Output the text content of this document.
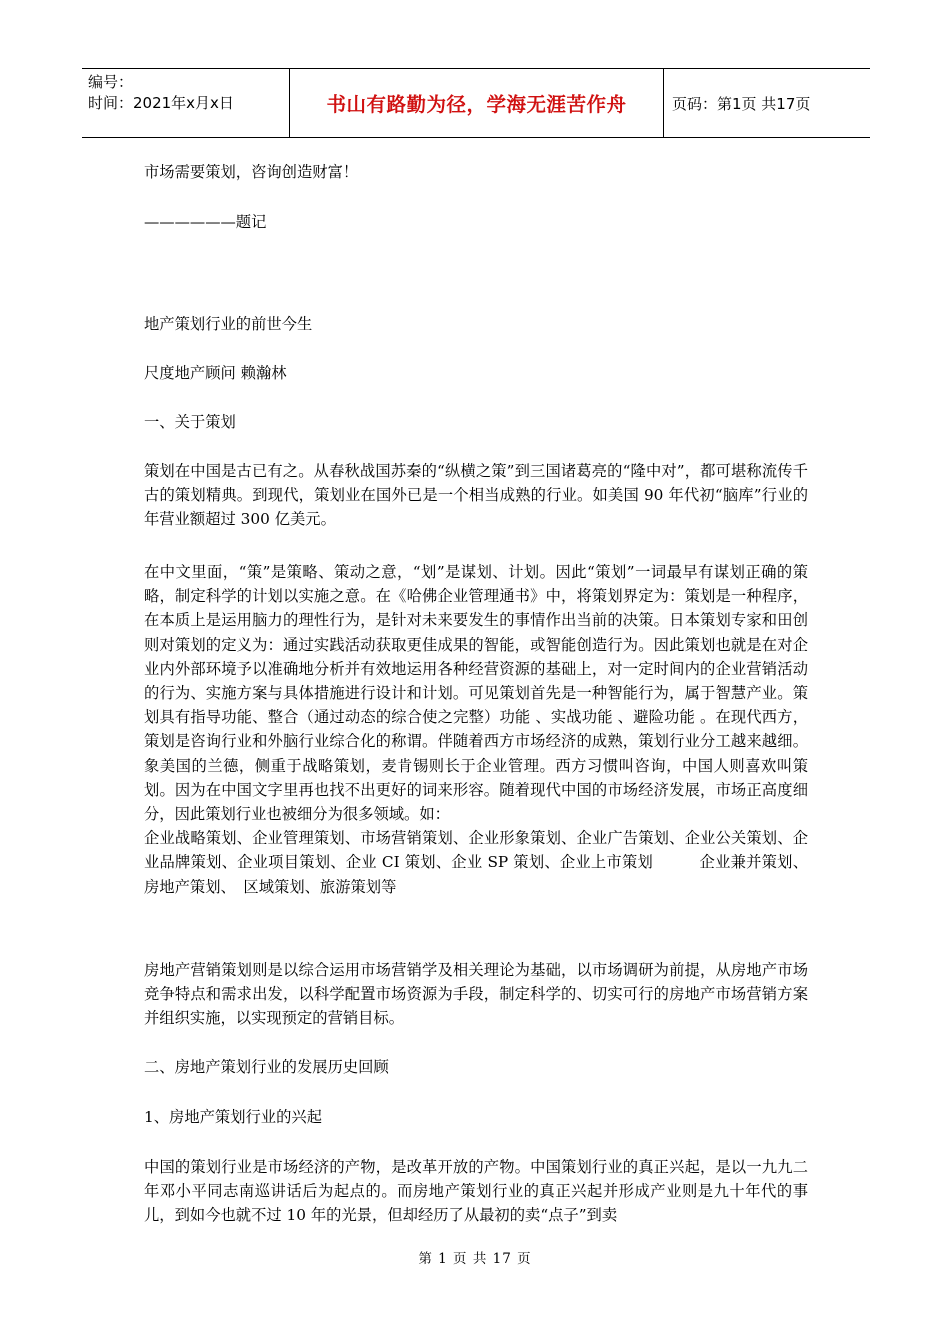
编号：
时间：2021年x月x日	书山有路勤为径，学海无涯苦作舟	页码：第1页 共17页
市场需要策划，咨询创造财富！
——————题记
地产策划行业的前世今生
尺度地产顾问 赖瀚林
一、关于策划
策划在中国是古已有之。从春秋战国苏秦的“纵横之策”到三国诸葛亮的“隆中对”，都可堪称流传千古的策划精典。到现代，策划业在国外已是一个相当成熟的行业。如美国 90 年代初“脑库”行业的年营业额超过 300 亿美元。
在中文里面，“策”是策略、策动之意，“划”是谋划、计划。因此“策划”一词最早有谋划正确的策略，制定科学的计划以实施之意。在《哈佛企业管理通书》中，将策划界定为：策划是一种程序，在本质上是运用脑力的理性行为，是针对未来要发生的事情作出当前的决策。日本策划专家和田创则对策划的定义为：通过实践活动获取更佳成果的智能，或智能创造行为。因此策划也就是在对企业内外部环境予以准确地分析并有效地运用各种经营资源的基础上，对一定时间内的企业营销活动的行为、实施方案与具体措施进行设计和计划。可见策划首先是一种智能行为，属于智慧产业。策划具有指导功能、整合（通过动态的综合使之完整）功能 、实战功能 、避险功能 。在现代西方，策划是咨询行业和外脑行业综合化的称谓。伴随着西方市场经济的成熟，策划行业分工越来越细。象美国的兰德，侧重于战略策划，麦肯锡则长于企业管理。西方习惯叫咨询，中国人则喜欢叫策划。因为在中国文字里再也找不出更好的词来形容。随着现代中国的市场经济发展，市场正高度细分，因此策划行业也被细分为很多领域。如：
企业战略策划、企业管理策划、市场营销策划、企业形象策划、企业广告策划、企业公关策划、企业品牌策划、企业项目策划、企业 CI 策划、企业 SP 策划、企业上市策划　　　企业兼并策划、房地产策划、　区域策划、旅游策划等
房地产营销策划则是以综合运用市场营销学及相关理论为基础，以市场调研为前提，从房地产市场竞争特点和需求出发，以科学配置市场资源为手段，制定科学的、切实可行的房地产市场营销方案并组织实施，以实现预定的营销目标。
二、房地产策划行业的发展历史回顾
1、房地产策划行业的兴起
中国的策划行业是市场经济的产物，是改革开放的产物。中国策划行业的真正兴起，是以一九九二年邓小平同志南巡讲话后为起点的。而房地产策划行业的真正兴起并形成产业则是九十年代的事儿，到如今也就不过 10 年的光景，但却经历了从最初的卖“点子”到卖
第 1 页 共 17 页
